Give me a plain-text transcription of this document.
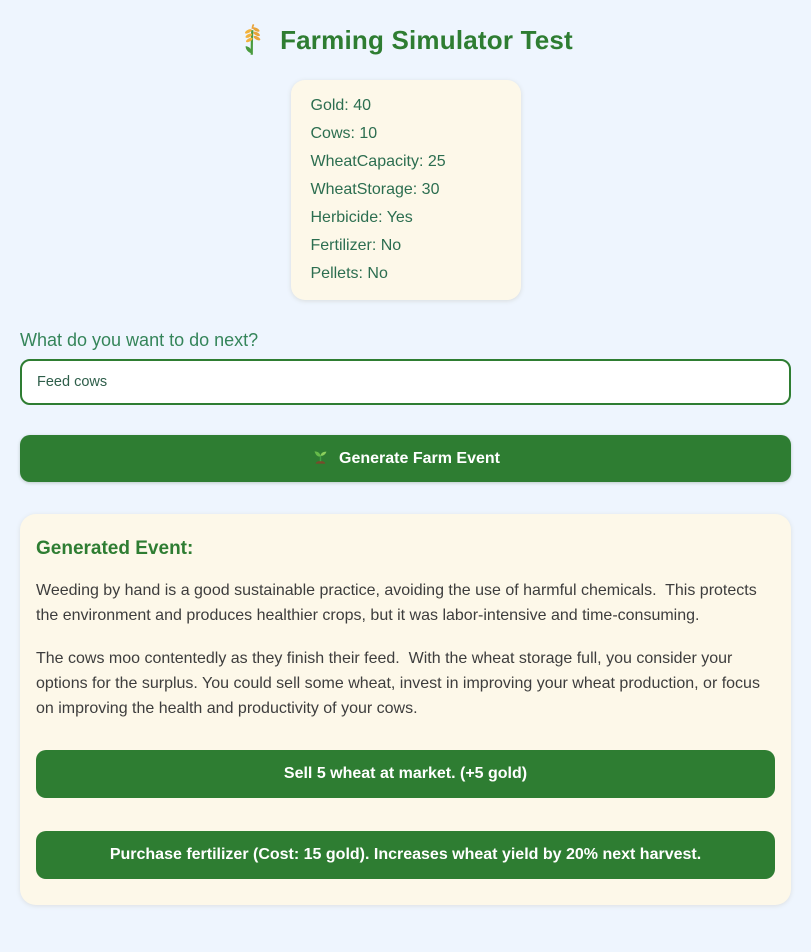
Farming Simulator Test
Gold: 40
Cows: 10
WheatCapacity: 25
WheatStorage: 30
Herbicide: Yes
Fertilizer: No
Pellets: No
What do you want to do next?
Feed cows
Generate Farm Event
Generated Event:

Weeding by hand is a good sustainable practice, avoiding the use of harmful chemicals.  This protects the environment and produces healthier crops, but it was labor-intensive and time-consuming.

The cows moo contentedly as they finish their feed.  With the wheat storage full, you consider your options for the surplus. You could sell some wheat, invest in improving your wheat production, or focus on improving the health and productivity of your cows.

Sell 5 wheat at market. (+5 gold)
Purchase fertilizer (Cost: 15 gold). Increases wheat yield by 20% next harvest.
